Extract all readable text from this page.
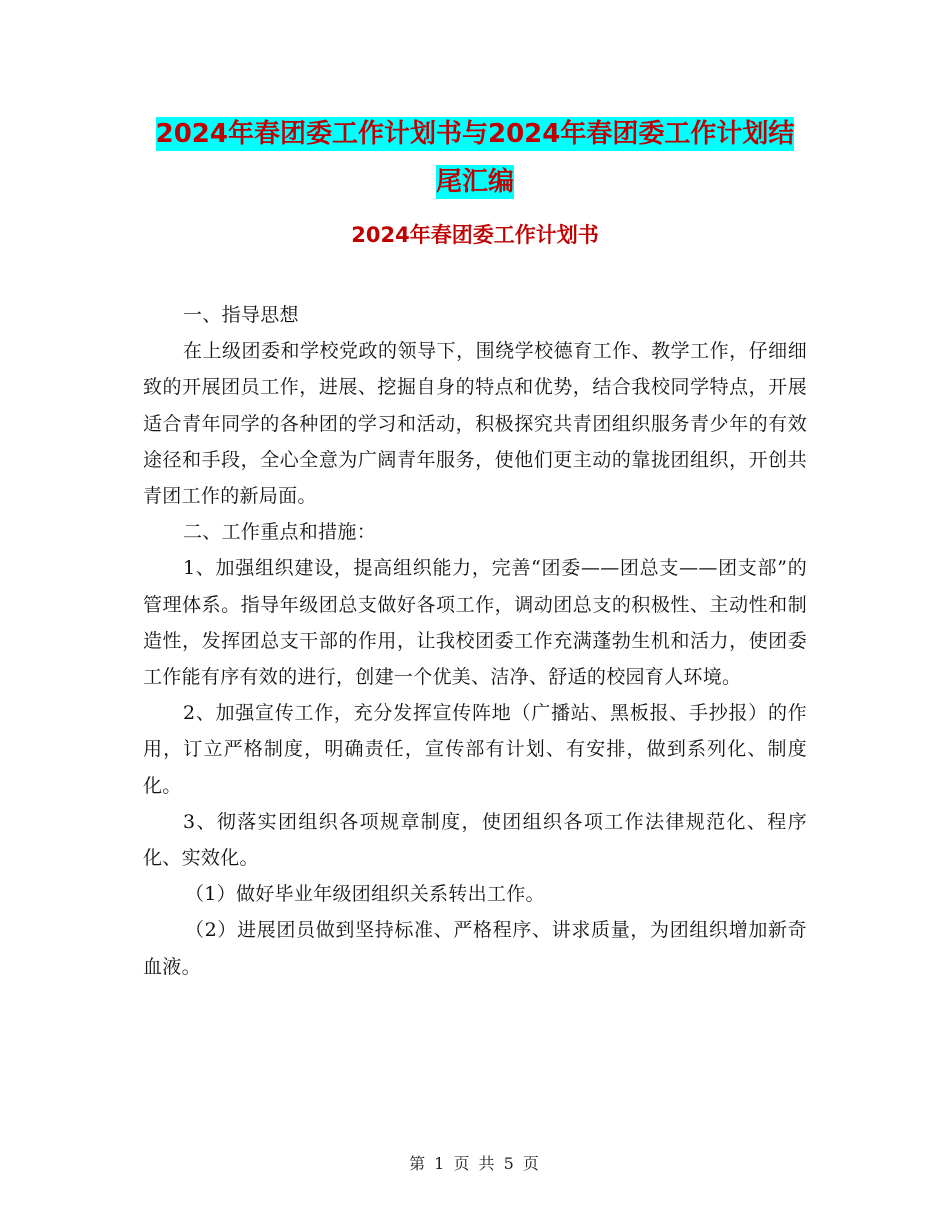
2024年春团委工作计划书与2024年春团委工作计划结
尾汇编
2024年春团委工作计划书

一、指导思想

在上级团委和学校党政的领导下，围绕学校德育工作、教学工作，仔细细致的开展团员工作，进展、挖掘自身的特点和优势，结合我校同学特点，开展适合青年同学的各种团的学习和活动，积极探究共青团组织服务青少年的有效途径和手段，全心全意为广阔青年服务，使他们更主动的靠拢团组织，开创共青团工作的新局面。

二、工作重点和措施：

1、加强组织建设，提高组织能力，完善“团委——团总支——团支部”的管理体系。指导年级团总支做好各项工作，调动团总支的积极性、主动性和制造性，发挥团总支干部的作用，让我校团委工作充满蓬勃生机和活力，使团委工作能有序有效的进行，创建一个优美、洁净、舒适的校园育人环境。

2、加强宣传工作，充分发挥宣传阵地（广播站、黑板报、手抄报）的作用，订立严格制度，明确责任，宣传部有计划、有安排，做到系列化、制度化。

3、彻落实团组织各项规章制度，使团组织各项工作法律规范化、程序化、实效化。

（1）做好毕业年级团组织关系转出工作。

（2）进展团员做到坚持标准、严格程序、讲求质量，为团组织增加新奇血液。

第 1 页 共 5 页
